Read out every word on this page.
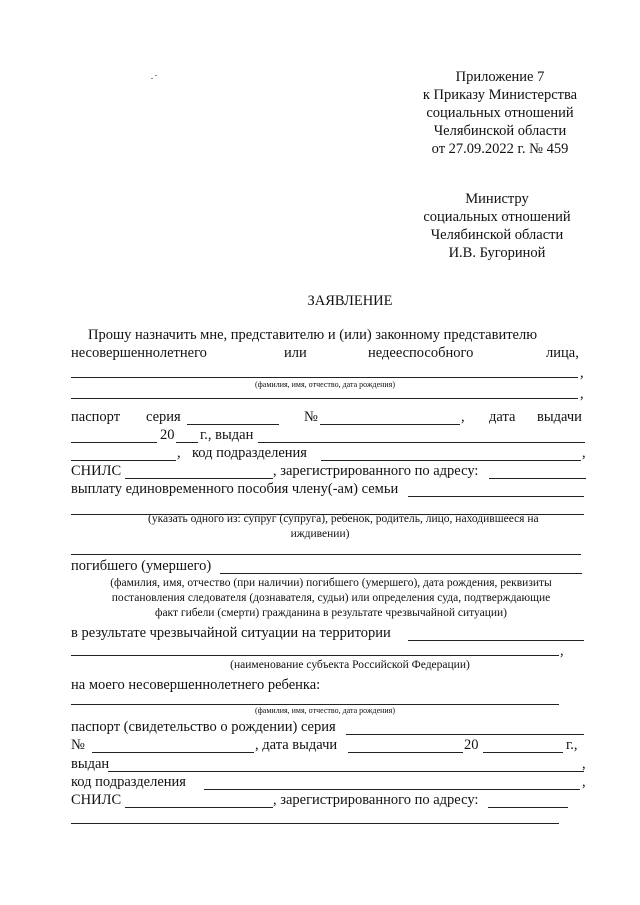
Приложение 7
к Приказу Министерства
социальных отношений
Челябинской области
от 27.09.2022 г. № 459
Министру
социальных отношений
Челябинской области
И.В. Бугориной
ЗАЯВЛЕНИЕ
Прошу назначить мне, представителю и (или) законному представителю
несовершеннолетнего	или	недееспособного	лица,
,
(фамилия, имя, отчество, дата рождения)
,
паспорт серия	№	, дата выдачи
20 г., выдан
, код подразделения	,
СНИЛС	, зарегистрированного по адресу:
выплату единовременного пособия члену(-ам) семьи
(указать одного из: супруг (супруга), ребенок, родитель, лицо, находившееся на
иждивении)
погибшего (умершего)
(фамилия, имя, отчество (при наличии) погибшего (умершего), дата рождения, реквизиты
постановления следователя (дознавателя, судьи) или определения суда, подтверждающие
факт гибели (смерти) гражданина в результате чрезвычайной ситуации)
в результате чрезвычайной ситуации на территории
,
(наименование субъекта Российской Федерации)
на моего несовершеннолетнего ребенка:
(фамилия, имя, отчество, дата рождения)
паспорт (свидетельство о рождении) серия
№	, дата выдачи	20	г.,
выдан	,
код подразделения	,
СНИЛС	, зарегистрированного по адресу:
